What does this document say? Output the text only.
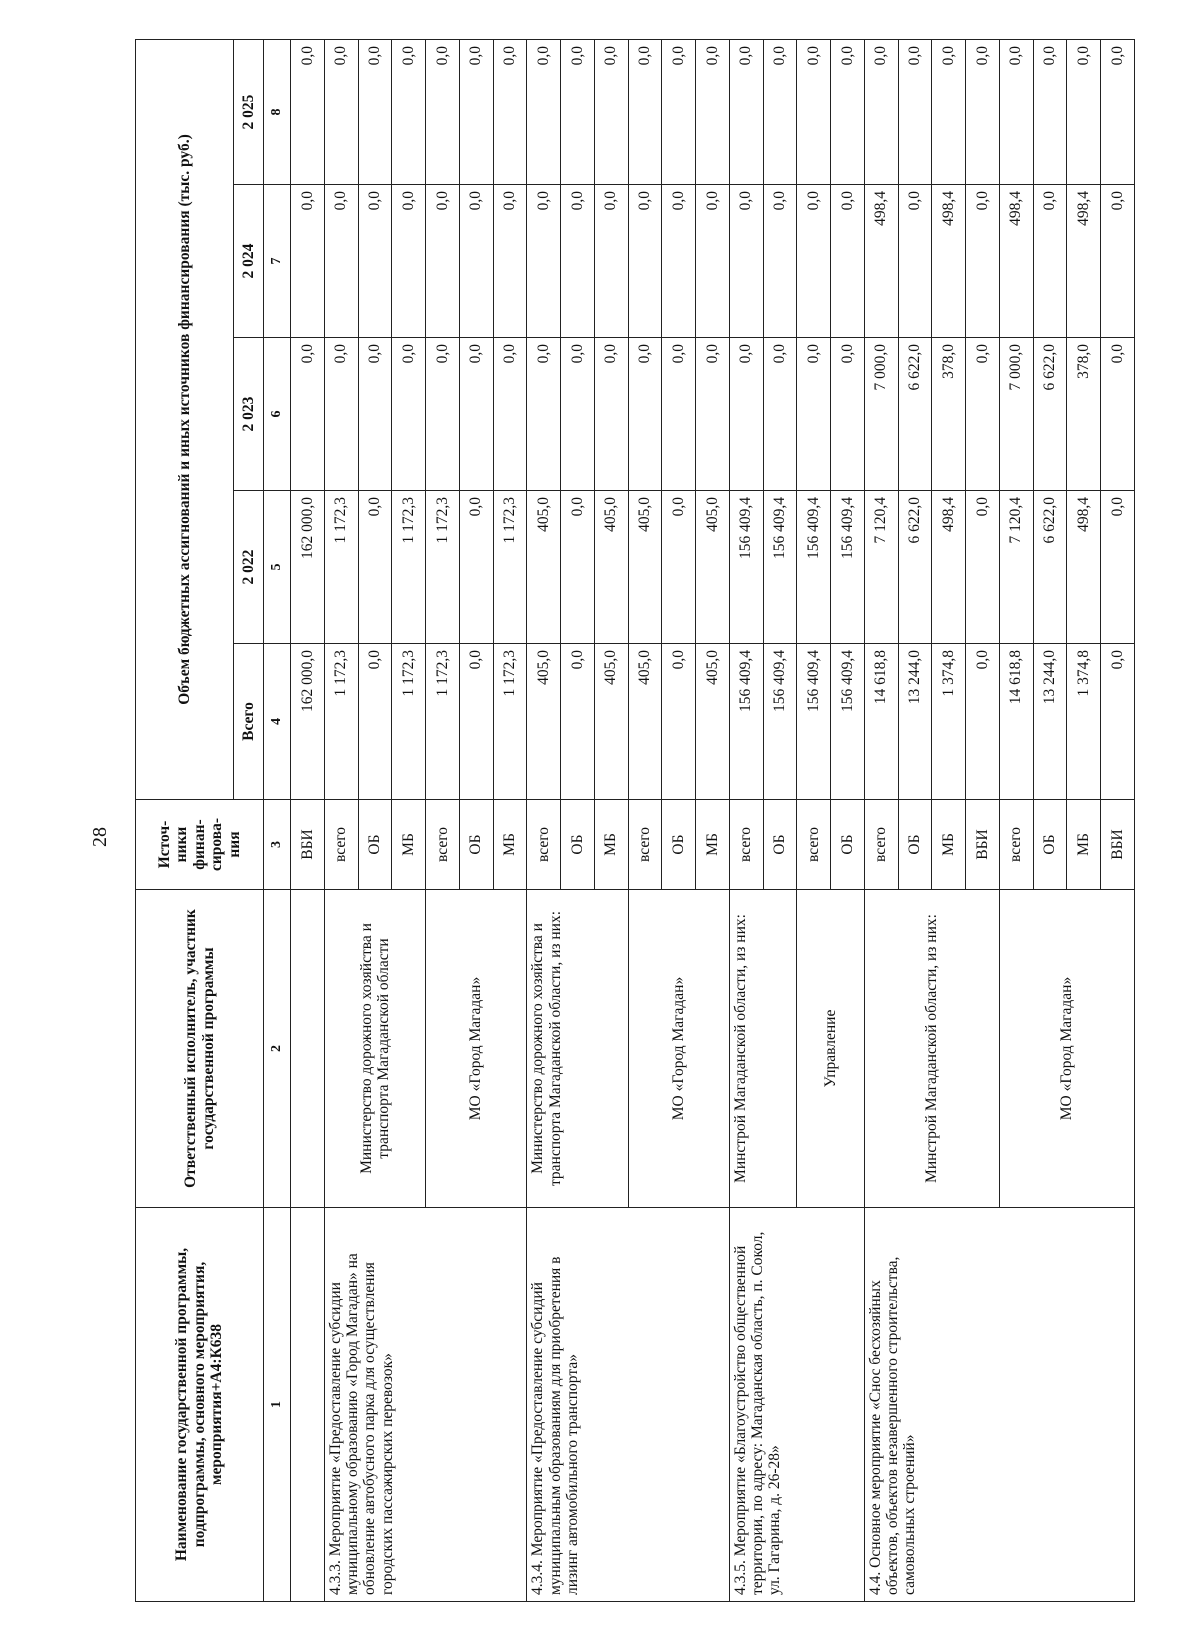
28
Наименование государственной программы, подпрограммы, основного мероприятия, мероприятия+А4:К638	Ответственный исполнитель, участник государственной программы	Источ-ники финан-сирова-ния	Объем бюджетных ассигнований и иных источников финансирования (тыс. руб.)				
			Всего	2 022	2 023	2 024	2 025
1	2	3	4	5	6	7	8
		ВБИ	162 000,0	162 000,0	0,0	0,0	0,0
4.3.3. Мероприятие «Предоставление субсидии муниципальному образованию «Город Магадан» на обновление автобусного парка для осуществления городских пассажирских перевозок»	Министерство дорожного хозяйства и транспорта Магаданской области	всего	1 172,3	1 172,3	0,0	0,0	0,0
		ОБ	0,0	0,0	0,0	0,0	0,0
		МБ	1 172,3	1 172,3	0,0	0,0	0,0
	МО «Город Магадан»	всего	1 172,3	1 172,3	0,0	0,0	0,0
		ОБ	0,0	0,0	0,0	0,0	0,0
		МБ	1 172,3	1 172,3	0,0	0,0	0,0
4.3.4. Мероприятие «Предоставление субсидий муниципальным образованиям для приобретения в лизинг автомобильного транспорта»	Министерство дорожного хозяйства и транспорта Магаданской области, из них:	всего	405,0	405,0	0,0	0,0	0,0
		ОБ	0,0	0,0	0,0	0,0	0,0
		МБ	405,0	405,0	0,0	0,0	0,0
	МО «Город Магадан»	всего	405,0	405,0	0,0	0,0	0,0
		ОБ	0,0	0,0	0,0	0,0	0,0
		МБ	405,0	405,0	0,0	0,0	0,0
4.3.5. Мероприятие «Благоустройство общественной территории, по адресу: Магаданская область, п. Сокол, ул. Гагарина, д. 26-28»	Минстрой Магаданской области, из них:	всего	156 409,4	156 409,4	0,0	0,0	0,0
		ОБ	156 409,4	156 409,4	0,0	0,0	0,0
	Управление	всего	156 409,4	156 409,4	0,0	0,0	0,0
		ОБ	156 409,4	156 409,4	0,0	0,0	0,0
4.4. Основное мероприятие «Снос бесхозяйных объектов, объектов незавершенного строительства, самовольных строений»	Минстрой Магаданской области, из них:	всего	14 618,8	7 120,4	7 000,0	498,4	0,0
		ОБ	13 244,0	6 622,0	6 622,0	0,0	0,0
		МБ	1 374,8	498,4	378,0	498,4	0,0
		ВБИ	0,0	0,0	0,0	0,0	0,0
	МО «Город Магадан»	всего	14 618,8	7 120,4	7 000,0	498,4	0,0
		ОБ	13 244,0	6 622,0	6 622,0	0,0	0,0
		МБ	1 374,8	498,4	378,0	498,4	0,0
		ВБИ	0,0	0,0	0,0	0,0	0,0
